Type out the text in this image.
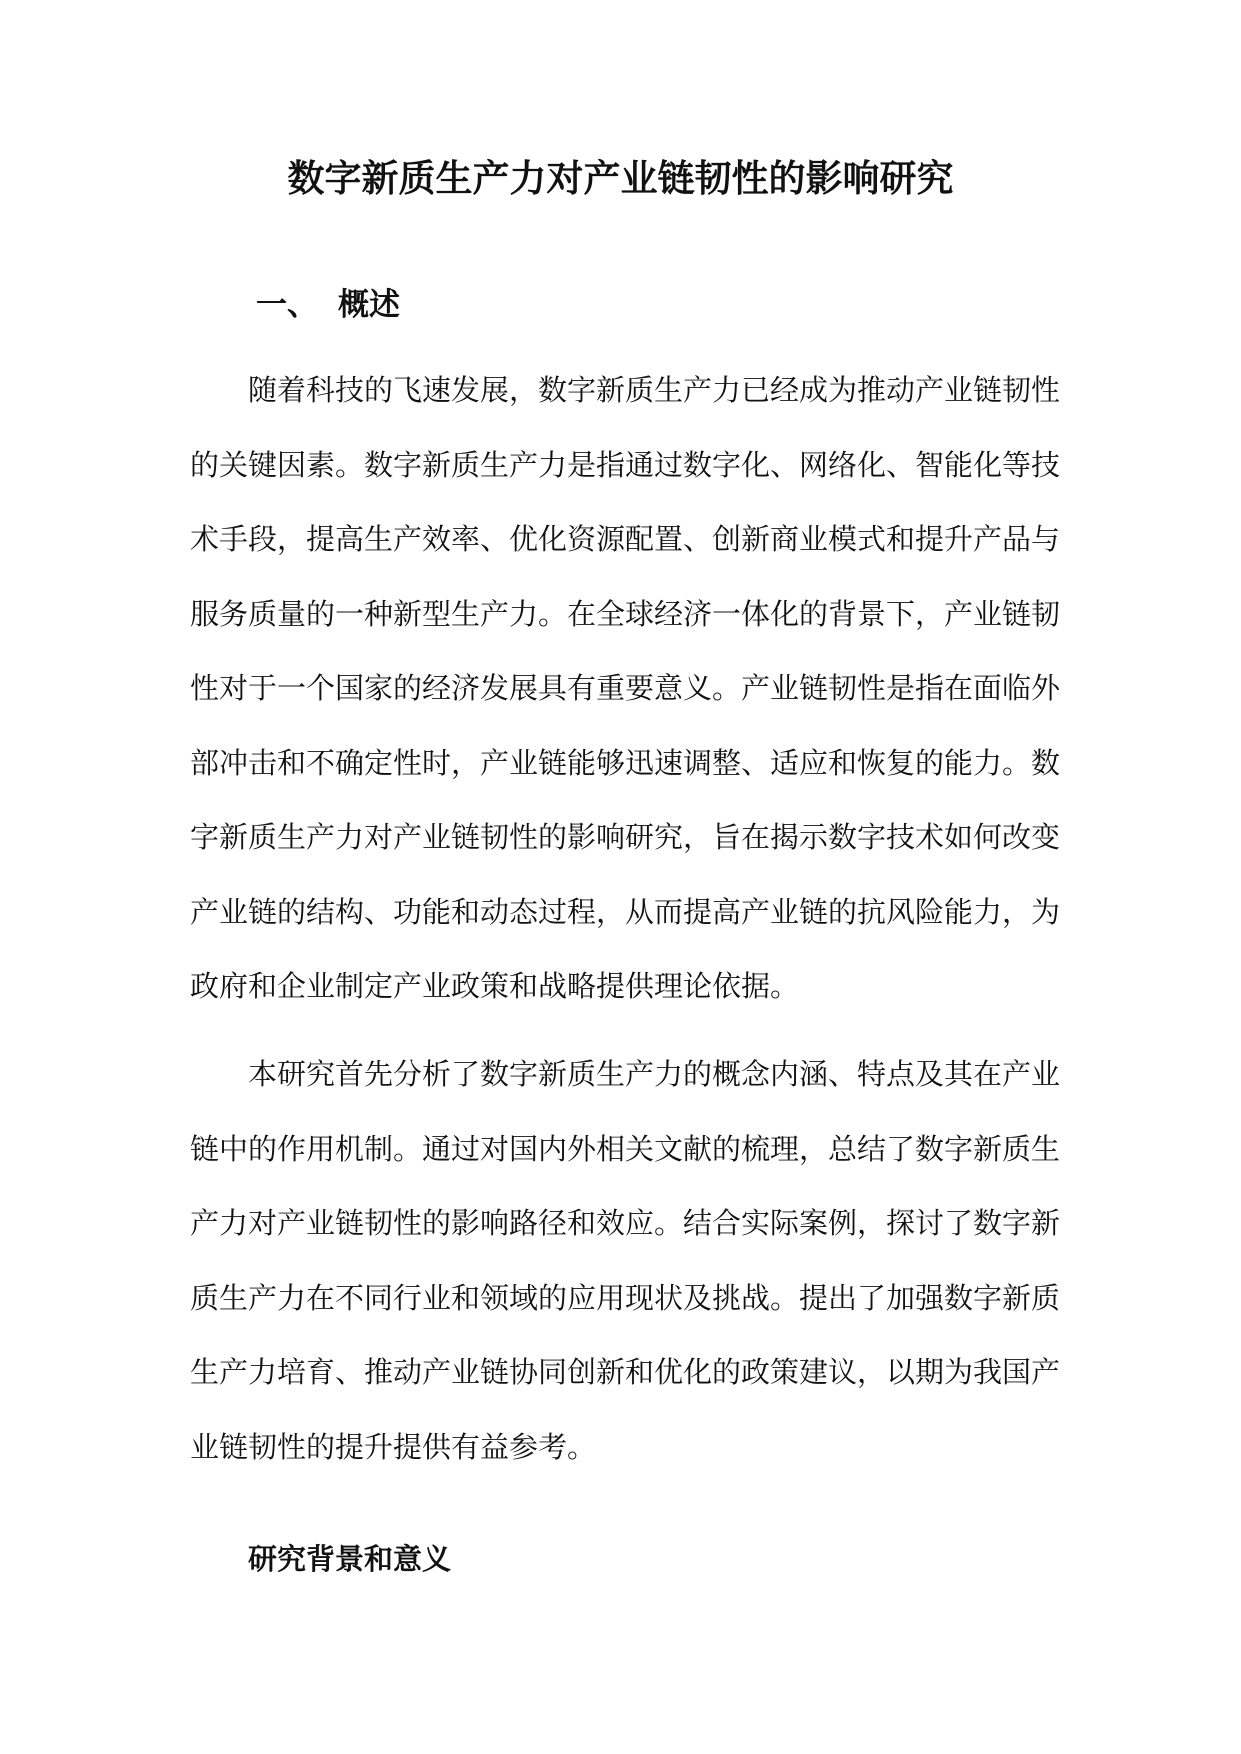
数字新质生产力对产业链韧性的影响研究
一、 概述

随着科技的飞速发展，数字新质生产力已经成为推动产业链韧性的关键因素。数字新质生产力是指通过数字化、网络化、智能化等技术手段，提高生产效率、优化资源配置、创新商业模式和提升产品与服务质量的一种新型生产力。在全球经济一体化的背景下，产业链韧性对于一个国家的经济发展具有重要意义。产业链韧性是指在面临外部冲击和不确定性时，产业链能够迅速调整、适应和恢复的能力。数字新质生产力对产业链韧性的影响研究，旨在揭示数字技术如何改变产业链的结构、功能和动态过程，从而提高产业链的抗风险能力，为政府和企业制定产业政策和战略提供理论依据。

本研究首先分析了数字新质生产力的概念内涵、特点及其在产业链中的作用机制。通过对国内外相关文献的梳理，总结了数字新质生产力对产业链韧性的影响路径和效应。结合实际案例，探讨了数字新质生产力在不同行业和领域的应用现状及挑战。提出了加强数字新质生产力培育、推动产业链协同创新和优化的政策建议，以期为我国产业链韧性的提升提供有益参考。

研究背景和意义
